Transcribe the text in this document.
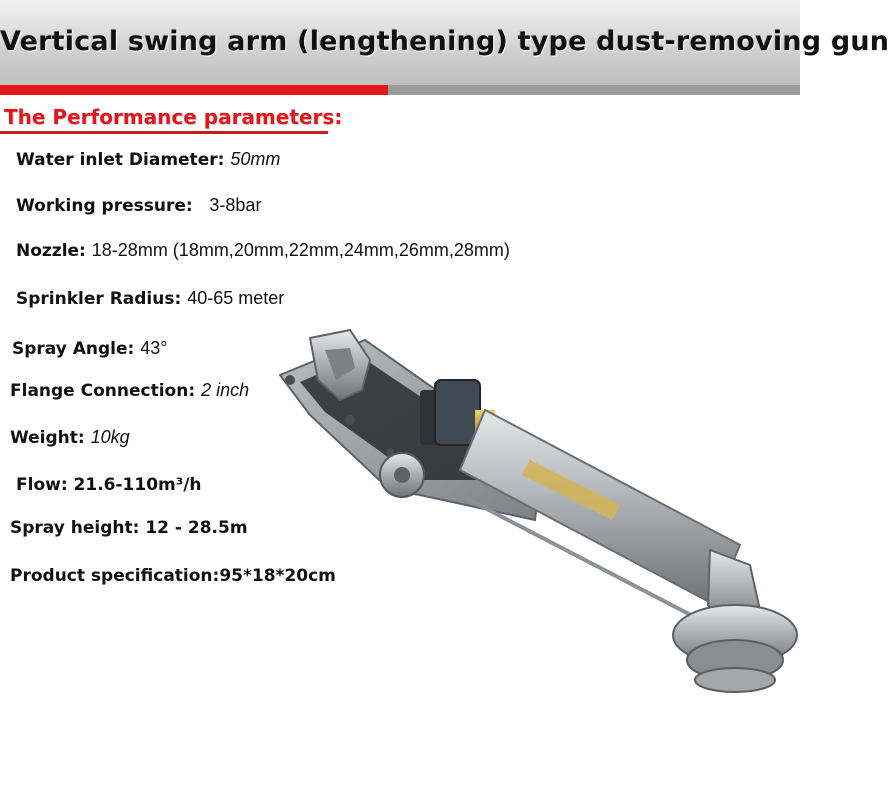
Vertical swing arm (lengthening) type dust-removing gun
The Performance parameters:
Water inlet Diameter: 50mm
Working pressure:   3-8bar
Nozzle: 18-28mm (18mm,20mm,22mm,24mm,26mm,28mm)
Sprinkler Radius: 40-65 meter
Spray Angle: 43°
Flange Connection: 2 inch
Weight: 10kg
Flow: 21.6-110m³/h
Spray height: 12 - 28.5m
Product specification:95*18*20cm
